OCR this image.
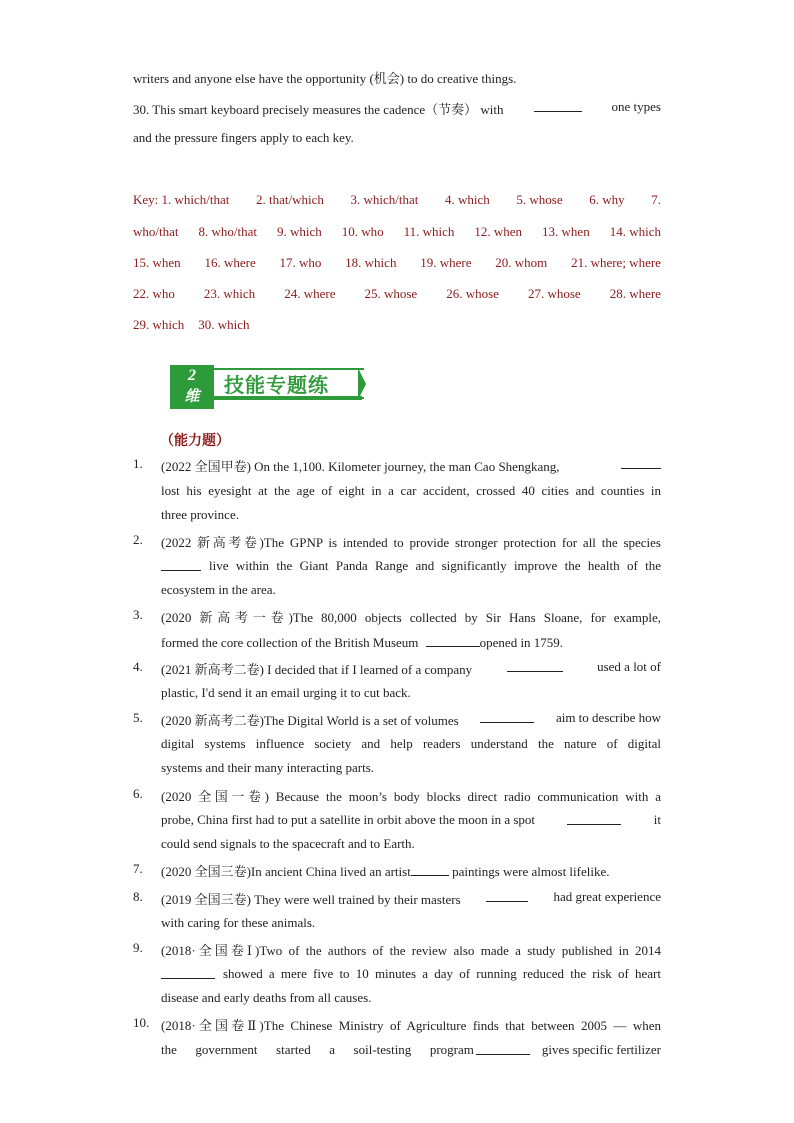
writers and anyone else have the opportunity (机会) to do creative things.
30. This smart keyboard precisely measures the cadence（节奏） with	one types
and the pressure fingers apply to each key.
Key: 1. which/that 2. that/which 3. which/that 4. which 5. whose 6. why 7.
who/that 8. who/that 9. which 10. who 11. which 12. when 13. when 14. which
15. when 16. where 17. who 18. which 19. where 20. whom 21. where; where
22. who 23. which 24. where 25. whose 26. whose 27. whose 28. where
29. which 30. which
2
维	技能专题练
（能力题）
1.	(2022 全国甲卷) On the 1,100. Kilometer journey, the man Cao Shengkang,
lost his eyesight at the age of eight in a car accident, crossed 40 cities and counties in
three province.
2.	(2022 新高考卷)The GPNP is intended to provide stronger protection for all the species
live within the Giant Panda Range and significantly improve the health of the
ecosystem in the area.
3.	(2020 新高考一卷)The 80,000 objects collected by Sir Hans Sloane, for example,
formed the core collection of the British Museum	opened in 1759.
4.	(2021 新高考二卷) I decided that if I learned of a company	used a lot of
plastic, I'd send it an email urging it to cut back.
5.	(2020 新高考二卷)The Digital World is a set of volumes	aim to describe how
digital systems influence society and help readers understand the nature of digital
systems and their many interacting parts.
6.	(2020 全国一卷) Because the moon’s body blocks direct radio communication with a
probe, China first had to put a satellite in orbit above the moon in a spot	it
could send signals to the spacecraft and to Earth.
7.	(2020 全国三卷)In ancient China lived an artist	paintings were almost lifelike.
8.	(2019 全国三卷) They were well trained by their masters	had great experience
with caring for these animals.
9.	(2018·全国卷Ⅰ)Two of the authors of the review also made a study published in 2014
showed a mere five to 10 minutes a day of running reduced the risk of heart
disease and early deaths from all causes.
10. (2018·全国卷Ⅱ)The Chinese Ministry of Agriculture finds that between 2005 — when
the government started a soil-testing program	gives specific fertilizer
